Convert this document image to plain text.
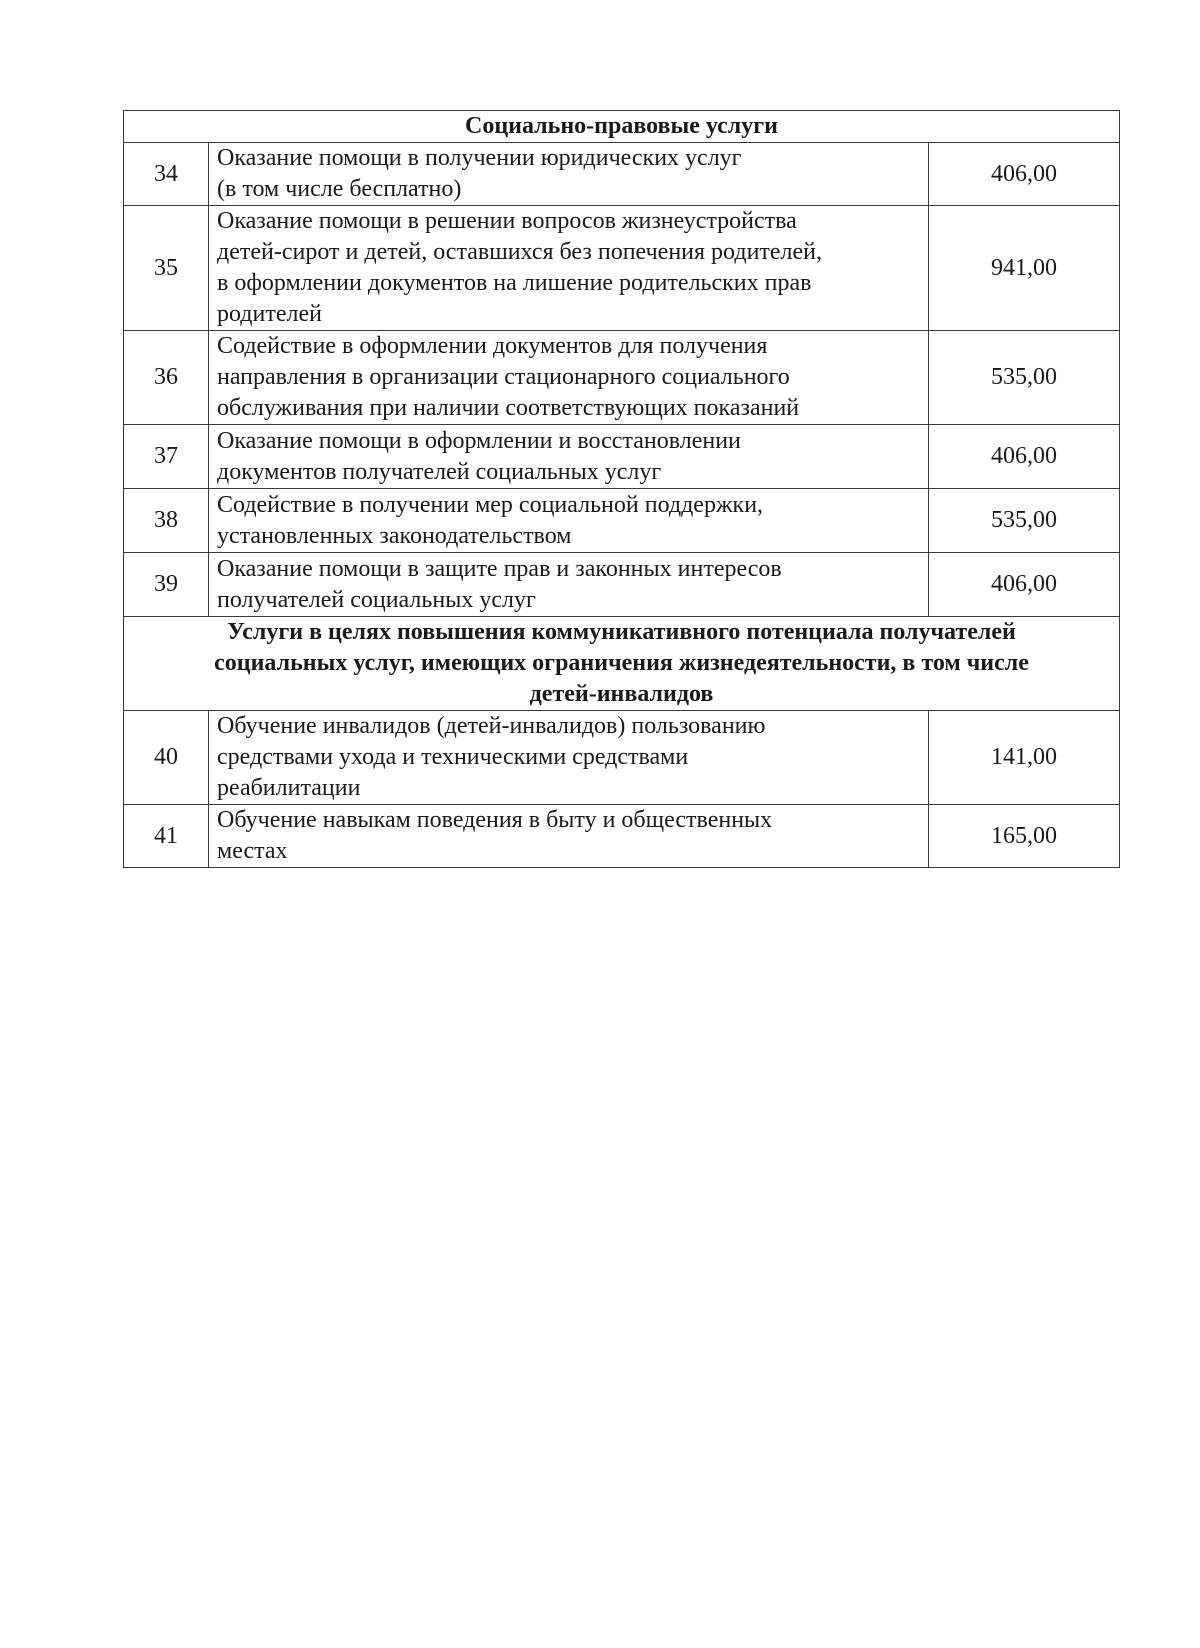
Социально-правовые услуги		
34	Оказание помощи в получении юридических услуг
(в том числе бесплатно)	406,00
35	Оказание помощи в решении вопросов жизнеустройства
детей-сирот и детей, оставшихся без попечения родителей,
в оформлении документов на лишение родительских прав
родителей	941,00
36	Содействие в оформлении документов для получения
направления в организации стационарного социального
обслуживания при наличии соответствующих показаний	535,00
37	Оказание помощи в оформлении и восстановлении
документов получателей социальных услуг	406,00
38	Содействие в получении мер социальной поддержки,
установленных законодательством	535,00
39	Оказание помощи в защите прав и законных интересов
получателей социальных услуг	406,00

Услуги в целях повышения коммуникативного потенциала получателей
социальных услуг, имеющих ограничения жизнедеятельности, в том числе
детей-инвалидов		

40	Обучение инвалидов (детей-инвалидов) пользованию
средствами ухода и техническими средствами
реабилитации	141,00
41	Обучение навыкам поведения в быту и общественных
местах	165,00
